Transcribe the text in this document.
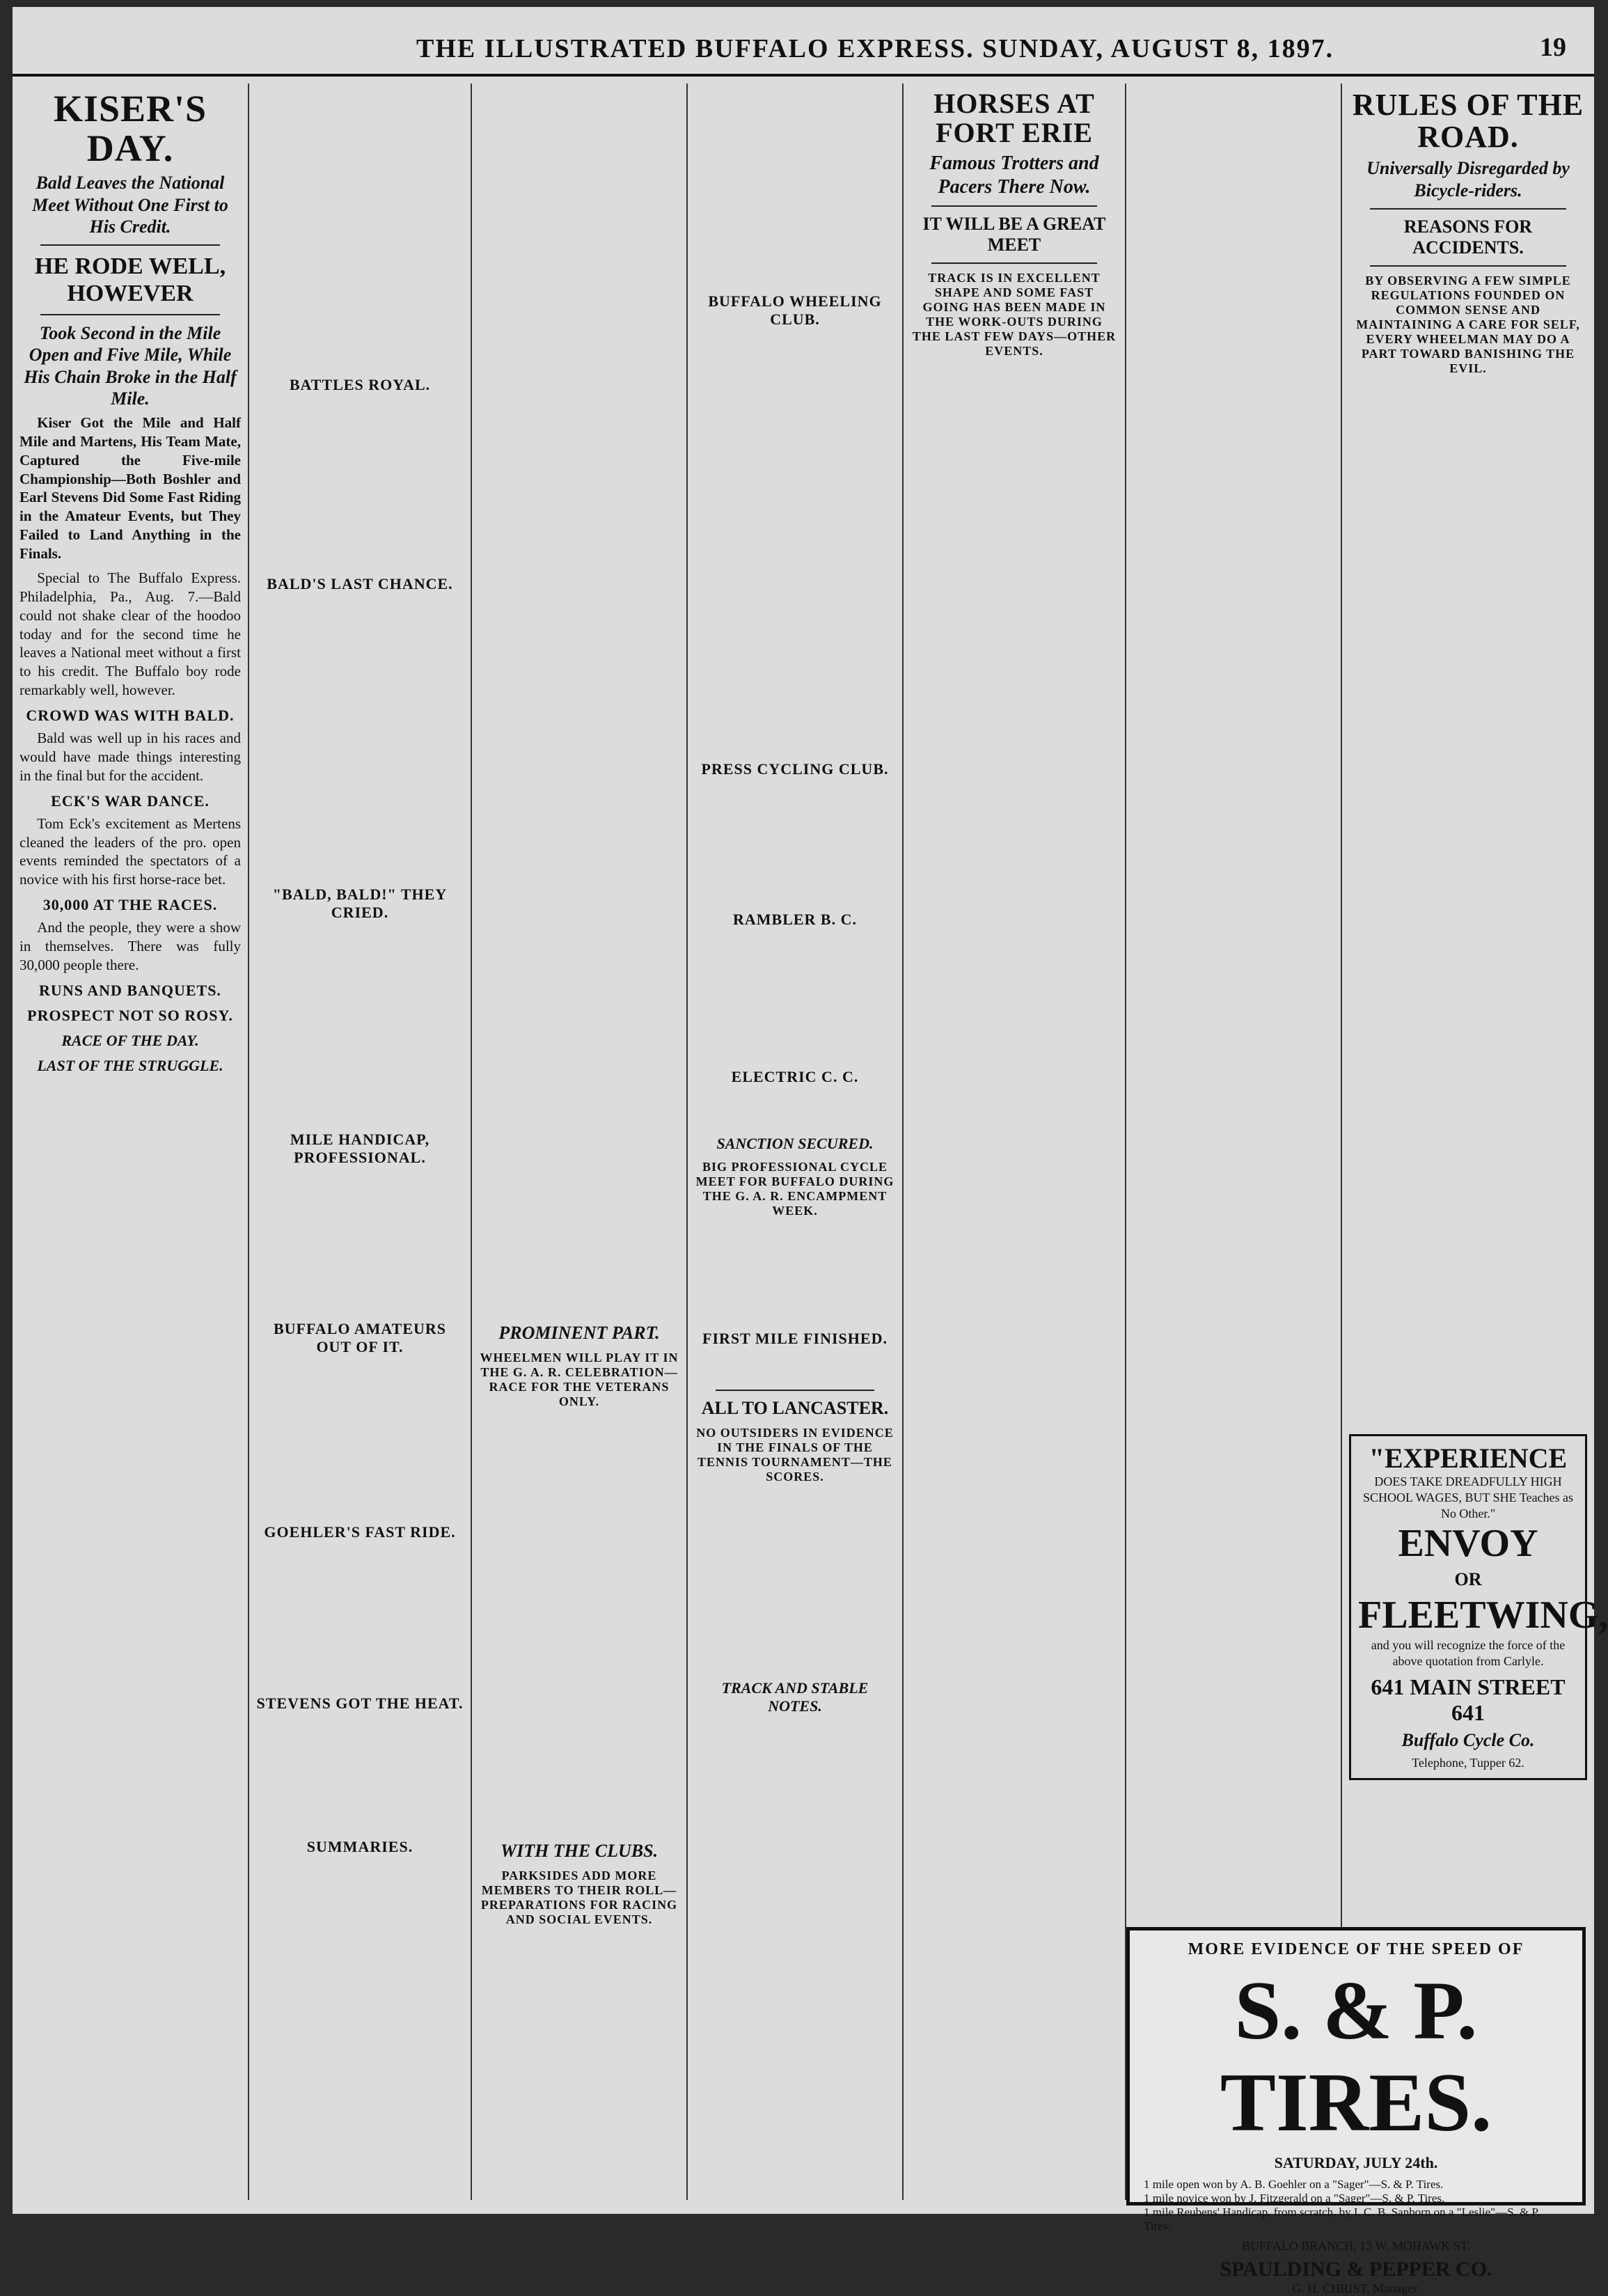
THE ILLUSTRATED BUFFALO EXPRESS. SUNDAY, AUGUST 8, 1897.	19
KISER'S DAY.
Bald Leaves the National Meet Without One First to His Credit.
HE RODE WELL, HOWEVER
Took Second in the Mile Open and Five Mile, While His Chain Broke in the Half Mile.

Kiser Got the Mile and Half Mile and Martens, His Team Mate, Captured the Five-mile Championship—Both Boshler and Earl Stevens Did Some Fast Riding in the Amateur Events, but They Failed to Land Anything in the Finals.

Special to The Buffalo Express. Philadelphia, Pa., Aug. 7.—Bald could not shake clear of the hoodoo today and for the second time he leaves a National meet without a first to his credit. The Buffalo boy rode remarkably well, however.

CROWD WAS WITH BALD.

Bald was well up in his races and would have made things interesting in the final but for the accident.

ECK'S WAR DANCE.

Tom Eck's excitement as Mertens cleaned the leaders of the pro. open events reminded the spectators of a novice with his first horse-race bet.

30,000 AT THE RACES.

And the people, they were a show in themselves. There was fully 30,000 people there.

RUNS AND BANQUETS.
PROSPECT NOT SO ROSY.
RACE OF THE DAY.
LAST OF THE STRUGGLE.
BATTLES ROYAL.
BALD'S LAST CHANCE.
"BALD, BALD!" THEY CRIED.
MILE HANDICAP, PROFESSIONAL.
BUFFALO AMATEURS OUT OF IT.
GOEHLER'S FAST RIDE.
STEVENS GOT THE HEAT.
SUMMARIES.
PROMINENT PART.
WHEELMEN WILL PLAY IT IN THE G. A. R. CELEBRATION—RACE FOR THE VETERANS ONLY.
WITH THE CLUBS.
PARKSIDES ADD MORE MEMBERS TO THEIR ROLL—PREPARATIONS FOR RACING AND SOCIAL EVENTS.
BUFFALO WHEELING CLUB.
PRESS CYCLING CLUB.
RAMBLER B. C.
ELECTRIC C. C.
SANCTION SECURED.
BIG PROFESSIONAL CYCLE MEET FOR BUFFALO DURING THE G. A. R. ENCAMPMENT WEEK.
FIRST MILE FINISHED.
ALL TO LANCASTER.
NO OUTSIDERS IN EVIDENCE IN THE FINALS OF THE TENNIS TOURNAMENT—THE SCORES.
TRACK AND STABLE NOTES.
HORSES AT FORT ERIE
Famous Trotters and Pacers There Now.
IT WILL BE A GREAT MEET
TRACK IS IN EXCELLENT SHAPE AND SOME FAST GOING HAS BEEN MADE IN THE WORK-OUTS DURING THE LAST FEW DAYS—OTHER EVENTS.
RULES OF THE ROAD.
Universally Disregarded by Bicycle-riders.
REASONS FOR ACCIDENTS.
BY OBSERVING A FEW SIMPLE REGULATIONS FOUNDED ON COMMON SENSE AND MAINTAINING A CARE FOR SELF, EVERY WHEELMAN MAY DO A PART TOWARD BANISHING THE EVIL.
"EXPERIENCE
DOES TAKE DREADFULLY HIGH SCHOOL WAGES, BUT SHE Teaches as No Other."
ENVOY
OR
FLEETWING,
and you will recognize the force of the above quotation from Carlyle.
641 MAIN STREET 641
Buffalo Cycle Co.
Telephone, Tupper 62.
MORE EVIDENCE OF THE SPEED OF
S. & P. TIRES.
SATURDAY, JULY 24th.
1 mile open won by A. B. Goehler on a "Sager"—S. & P. Tires.
1 mile novice won by J. Fitzgerald on a "Sager"—S. & P. Tires.
1 mile Reubens' Handicap, from scratch, by I. C. B. Sanborn on a "Leslie"—S. & P. Tires.
BUFFALO BRANCH, 13 W. MOHAWK ST.
SPAULDING & PEPPER CO.
G. H. CHRIST, Manager.
